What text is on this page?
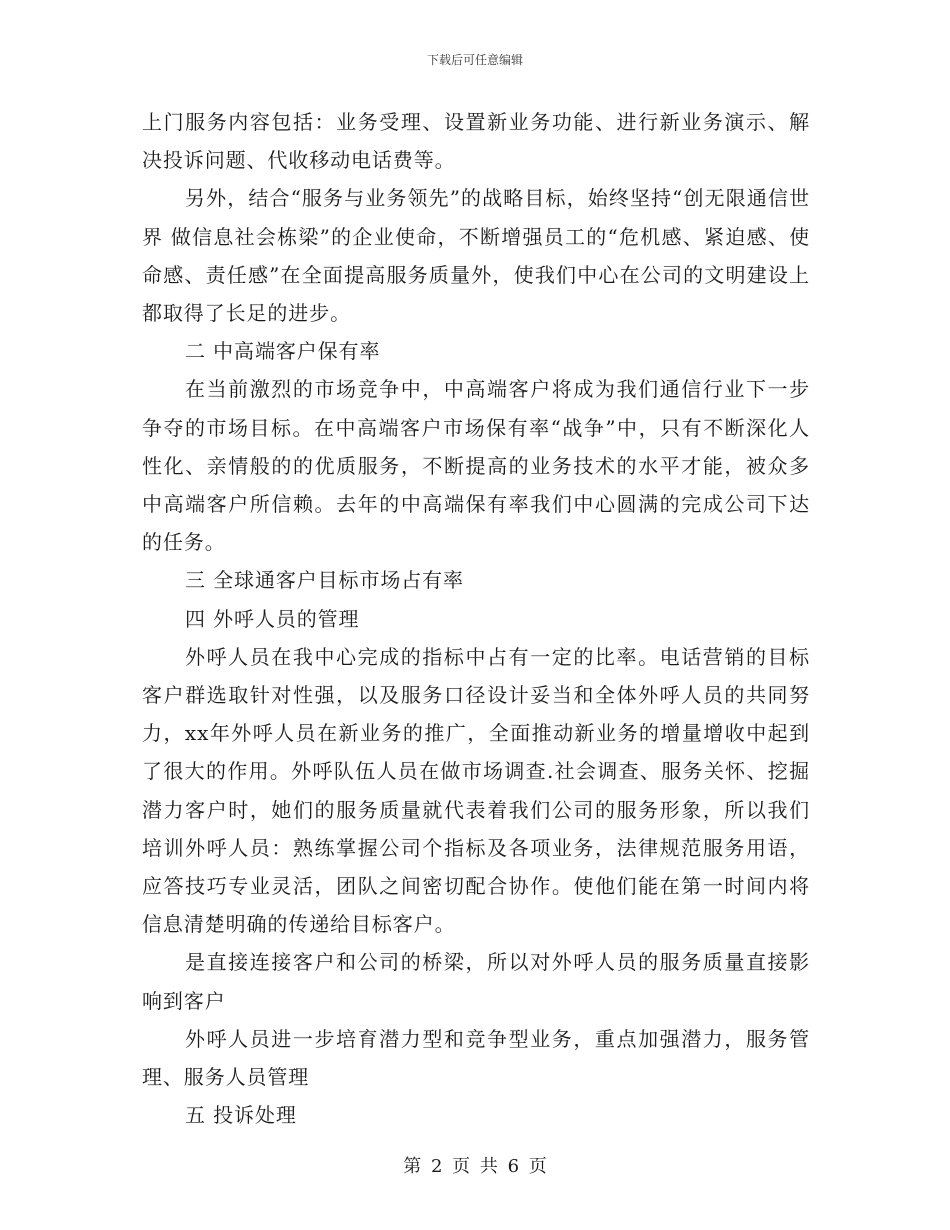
下载后可任意编辑

上门服务内容包括：业务受理、设置新业务功能、进行新业务演示、解决投诉问题、代收移动电话费等。

另外，结合“服务与业务领先”的战略目标，始终坚持“创无限通信世界 做信息社会栋梁”的企业使命，不断增强员工的“危机感、紧迫感、使命感、责任感”在全面提高服务质量外，使我们中心在公司的文明建设上都取得了长足的进步。

二 中高端客户保有率

在当前激烈的市场竞争中，中高端客户将成为我们通信行业下一步争夺的市场目标。在中高端客户市场保有率“战争”中，只有不断深化人性化、亲情般的的优质服务，不断提高的业务技术的水平才能，被众多中高端客户所信赖。去年的中高端保有率我们中心圆满的完成公司下达的任务。

三 全球通客户目标市场占有率

四 外呼人员的管理

外呼人员在我中心完成的指标中占有一定的比率。电话营销的目标客户群选取针对性强，以及服务口径设计妥当和全体外呼人员的共同努力，xx年外呼人员在新业务的推广，全面推动新业务的增量增收中起到了很大的作用。外呼队伍人员在做市场调查.社会调查、服务关怀、挖掘潜力客户时，她们的服务质量就代表着我们公司的服务形象，所以我们培训外呼人员：熟练掌握公司个指标及各项业务，法律规范服务用语，应答技巧专业灵活，团队之间密切配合协作。使他们能在第一时间内将信息清楚明确的传递给目标客户。

是直接连接客户和公司的桥梁，所以对外呼人员的服务质量直接影响到客户

外呼人员进一步培育潜力型和竞争型业务，重点加强潜力，服务管理、服务人员管理

五 投诉处理

第 2 页 共 6 页
